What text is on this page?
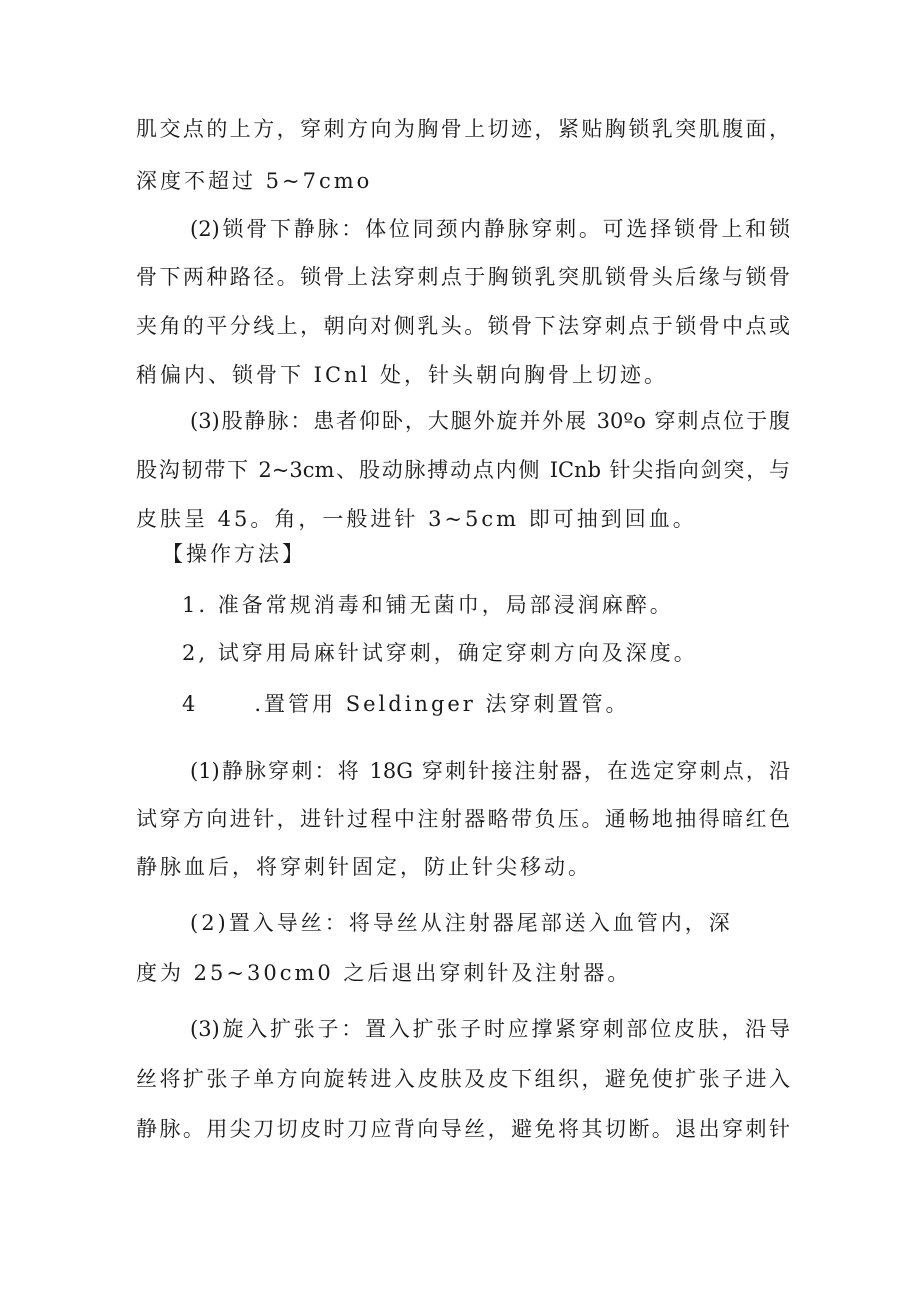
肌交点的上方，穿刺方向为胸骨上切迹，紧贴胸锁乳突肌腹面，
深度不超过 5~7cmo
(2)锁骨下静脉：体位同颈内静脉穿刺。可选择锁骨上和锁
骨下两种路径。锁骨上法穿刺点于胸锁乳突肌锁骨头后缘与锁骨
夹角的平分线上，朝向对侧乳头。锁骨下法穿刺点于锁骨中点或
稍偏内、锁骨下 ICnl 处，针头朝向胸骨上切迹。
(3)股静脉：患者仰卧，大腿外旋并外展 30ºo 穿刺点位于腹
股沟韧带下 2~3cm、股动脉搏动点内侧 ICnb 针尖指向剑突，与
皮肤呈 45。角，一般进针 3~5cm 即可抽到回血。
【操作方法】
1. 准备常规消毒和铺无菌巾，局部浸润麻醉。
2, 试穿用局麻针试穿刺，确定穿刺方向及深度。
4	.置管用 Seldinger 法穿刺置管。
(1)静脉穿刺：将 18G 穿刺针接注射器，在选定穿刺点，沿
试穿方向进针，进针过程中注射器略带负压。通畅地抽得暗红色
静脉血后，将穿刺针固定，防止针尖移动。
(2)置入导丝：将导丝从注射器尾部送入血管内，深
度为 25~30cm0 之后退出穿刺针及注射器。
(3)旋入扩张子：置入扩张子时应撑紧穿刺部位皮肤，沿导
丝将扩张子单方向旋转进入皮肤及皮下组织，避免使扩张子进入
静脉。用尖刀切皮时刀应背向导丝，避免将其切断。退出穿刺针
